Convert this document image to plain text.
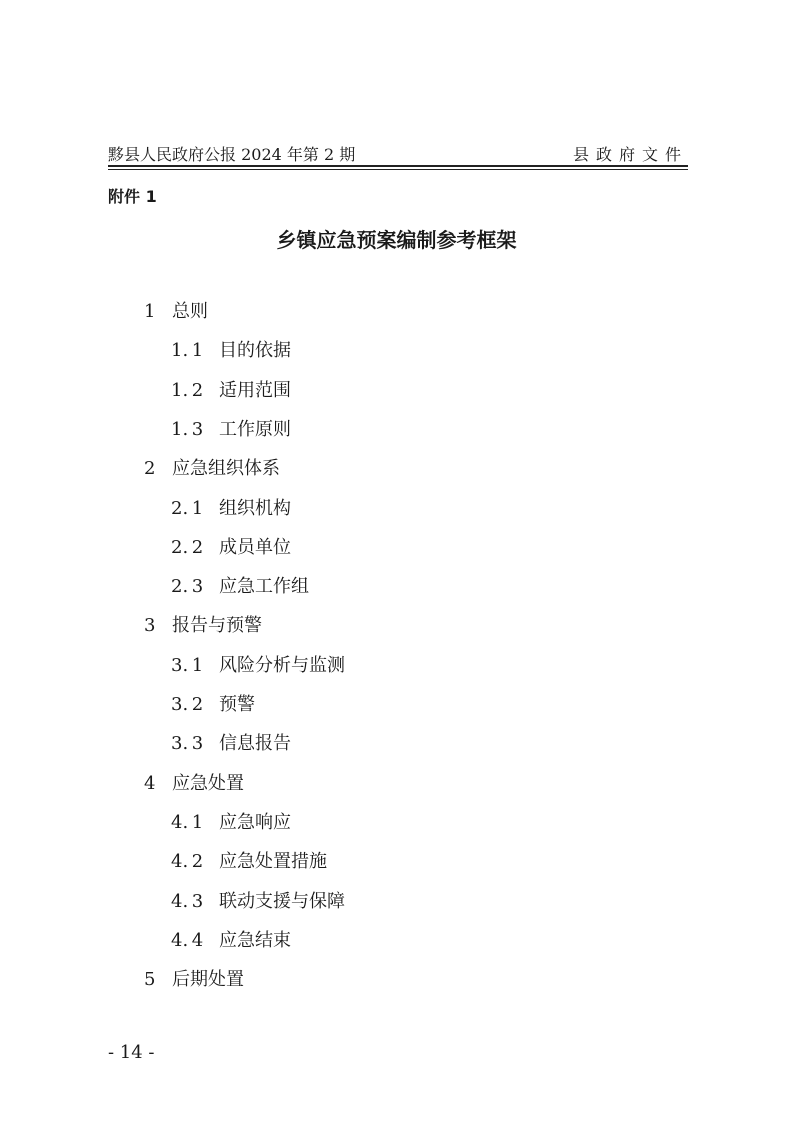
黟县人民政府公报 2024 年第 2 期	县政府文件
附件 1
乡镇应急预案编制参考框架
1 总则
1. 1 目的依据
1. 2 适用范围
1. 3 工作原则
2 应急组织体系
2. 1 组织机构
2. 2 成员单位
2. 3 应急工作组
3 报告与预警
3. 1 风险分析与监测
3. 2 预警
3. 3 信息报告
4 应急处置
4. 1 应急响应
4. 2 应急处置措施
4. 3 联动支援与保障
4. 4 应急结束
5 后期处置
- 14 -
